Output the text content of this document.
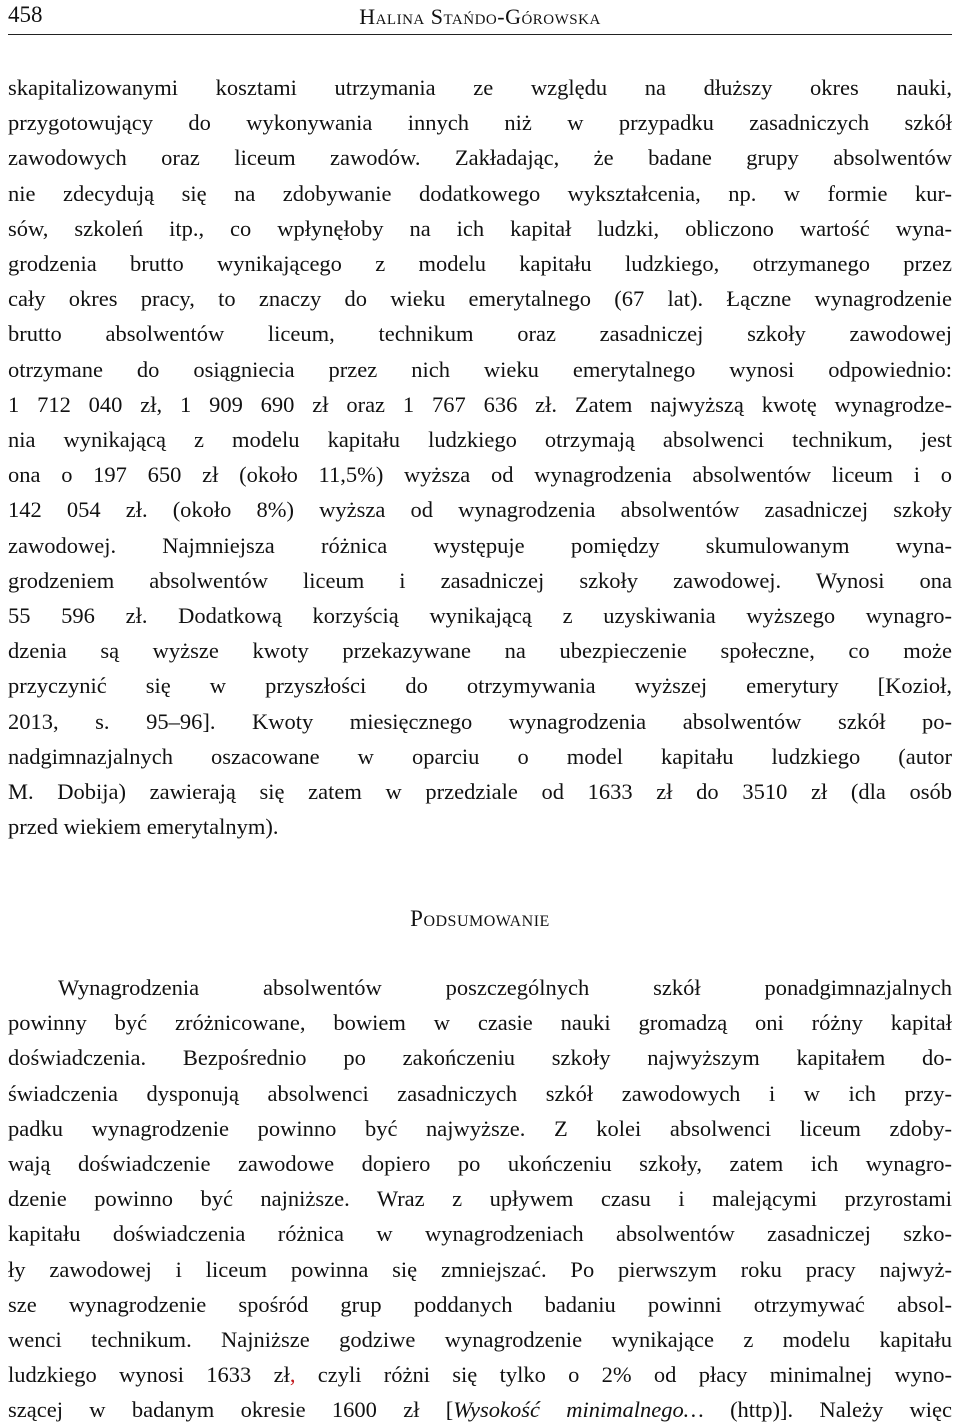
458	Halina Stańdo-Górowska
skapitalizowanymi kosztami utrzymania ze względu na dłuższy okres nauki,
przygotowujący do wykonywania innych niż w przypadku zasadniczych szkół
zawodowych oraz liceum zawodów. Zakładając, że badane grupy absolwentów
nie zdecydują się na zdobywanie dodatkowego wykształcenia, np. w formie kur-
sów, szkoleń itp., co wpłynęłoby na ich kapitał ludzki, obliczono wartość wyna-
grodzenia brutto wynikającego z modelu kapitału ludzkiego, otrzymanego przez
cały okres pracy, to znaczy do wieku emerytalnego (67 lat). Łączne wynagrodzenie
brutto absolwentów liceum, technikum oraz zasadniczej szkoły zawodowej
otrzymane do osiągniecia przez nich wieku emerytalnego wynosi odpowiednio:
1 712 040 zł, 1 909 690 zł oraz 1 767 636 zł. Zatem najwyższą kwotę wynagrodze-
nia wynikającą z modelu kapitału ludzkiego otrzymają absolwenci technikum, jest
ona o 197 650 zł (około 11,5%) wyższa od wynagrodzenia absolwentów liceum i o
142 054 zł. (około 8%) wyższa od wynagrodzenia absolwentów zasadniczej szkoły
zawodowej. Najmniejsza różnica występuje pomiędzy skumulowanym wyna-
grodzeniem absolwentów liceum i zasadniczej szkoły zawodowej. Wynosi ona
55 596 zł. Dodatkową korzyścią wynikającą z uzyskiwania wyższego wynagro-
dzenia są wyższe kwoty przekazywane na ubezpieczenie społeczne, co może
przyczynić się w przyszłości do otrzymywania wyższej emerytury [Kozioł,
2013, s. 95–96]. Kwoty miesięcznego wynagrodzenia absolwentów szkół po-
nadgimnazjalnych oszacowane w oparciu o model kapitału ludzkiego (autor
M. Dobija) zawierają się zatem w przedziale od 1633 zł do 3510 zł (dla osób
przed wiekiem emerytalnym).
Podsumowanie
Wynagrodzenia absolwentów poszczególnych szkół ponadgimnazjalnych
powinny być zróżnicowane, bowiem w czasie nauki gromadzą oni różny kapitał
doświadczenia. Bezpośrednio po zakończeniu szkoły najwyższym kapitałem do-
świadczenia dysponują absolwenci zasadniczych szkół zawodowych i w ich przy-
padku wynagrodzenie powinno być najwyższe. Z kolei absolwenci liceum zdoby-
wają doświadczenie zawodowe dopiero po ukończeniu szkoły, zatem ich wynagro-
dzenie powinno być najniższe. Wraz z upływem czasu i malejącymi przyrostami
kapitału doświadczenia różnica w wynagrodzeniach absolwentów zasadniczej szko-
ły zawodowej i liceum powinna się zmniejszać. Po pierwszym roku pracy najwyż-
sze wynagrodzenie spośród grup poddanych badaniu powinni otrzymywać absol-
wenci technikum. Najniższe godziwe wynagrodzenie wynikające z modelu kapitału
ludzkiego wynosi 1633 zł, czyli różni się tylko o 2% od płacy minimalnej wyno-
szącej w badanym okresie 1600 zł [Wysokość minimalnego… (http)]. Należy więc
